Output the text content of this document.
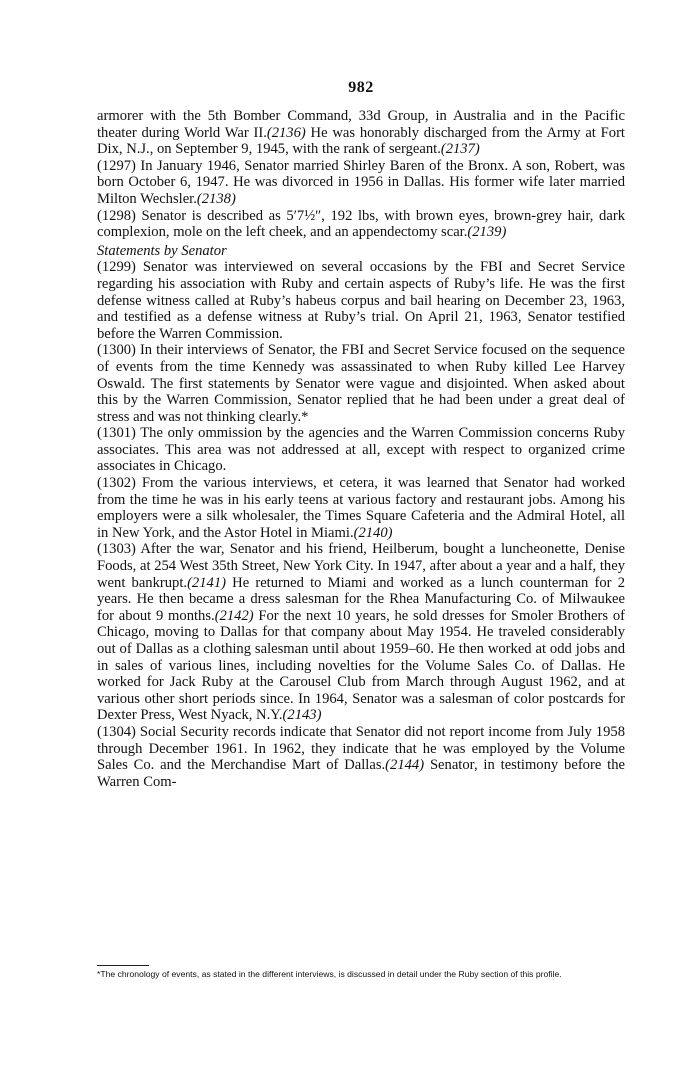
982

armorer with the 5th Bomber Command, 33d Group, in Australia and in the Pacific theater during World War II.(2136) He was honorably discharged from the Army at Fort Dix, N.J., on September 9, 1945, with the rank of sergeant.(2137)

(1297) In January 1946, Senator married Shirley Baren of the Bronx. A son, Robert, was born October 6, 1947. He was divorced in 1956 in Dallas. His former wife later married Milton Wechsler.(2138)

(1298) Senator is described as 5′7½″, 192 lbs, with brown eyes, brown-grey hair, dark complexion, mole on the left cheek, and an appendectomy scar.(2139)

Statements by Senator

(1299) Senator was interviewed on several occasions by the FBI and Secret Service regarding his association with Ruby and certain aspects of Ruby’s life. He was the first defense witness called at Ruby’s habeus corpus and bail hearing on December 23, 1963, and testified as a defense witness at Ruby’s trial. On April 21, 1963, Senator testified before the Warren Commission.

(1300) In their interviews of Senator, the FBI and Secret Service focused on the sequence of events from the time Kennedy was assassinated to when Ruby killed Lee Harvey Oswald. The first statements by Senator were vague and disjointed. When asked about this by the Warren Commission, Senator replied that he had been under a great deal of stress and was not thinking clearly.*

(1301) The only ommission by the agencies and the Warren Commission concerns Ruby associates. This area was not addressed at all, except with respect to organized crime associates in Chicago.

(1302) From the various interviews, et cetera, it was learned that Senator had worked from the time he was in his early teens at various factory and restaurant jobs. Among his employers were a silk wholesaler, the Times Square Cafeteria and the Admiral Hotel, all in New York, and the Astor Hotel in Miami.(2140)

(1303) After the war, Senator and his friend, Heilberum, bought a luncheonette, Denise Foods, at 254 West 35th Street, New York City. In 1947, after about a year and a half, they went bankrupt.(2141) He returned to Miami and worked as a lunch counterman for 2 years. He then became a dress salesman for the Rhea Manufacturing Co. of Milwaukee for about 9 months.(2142) For the next 10 years, he sold dresses for Smoler Brothers of Chicago, moving to Dallas for that company about May 1954. He traveled considerably out of Dallas as a clothing salesman until about 1959–60. He then worked at odd jobs and in sales of various lines, including novelties for the Volume Sales Co. of Dallas. He worked for Jack Ruby at the Carousel Club from March through August 1962, and at various other short periods since. In 1964, Senator was a salesman of color postcards for Dexter Press, West Nyack, N.Y.(2143)

(1304) Social Security records indicate that Senator did not report income from July 1958 through December 1961. In 1962, they indicate that he was employed by the Volume Sales Co. and the Merchandise Mart of Dallas.(2144) Senator, in testimony before the Warren Com-

*The chronology of events, as stated in the different interviews, is discussed in detail under the Ruby section of this profile.
